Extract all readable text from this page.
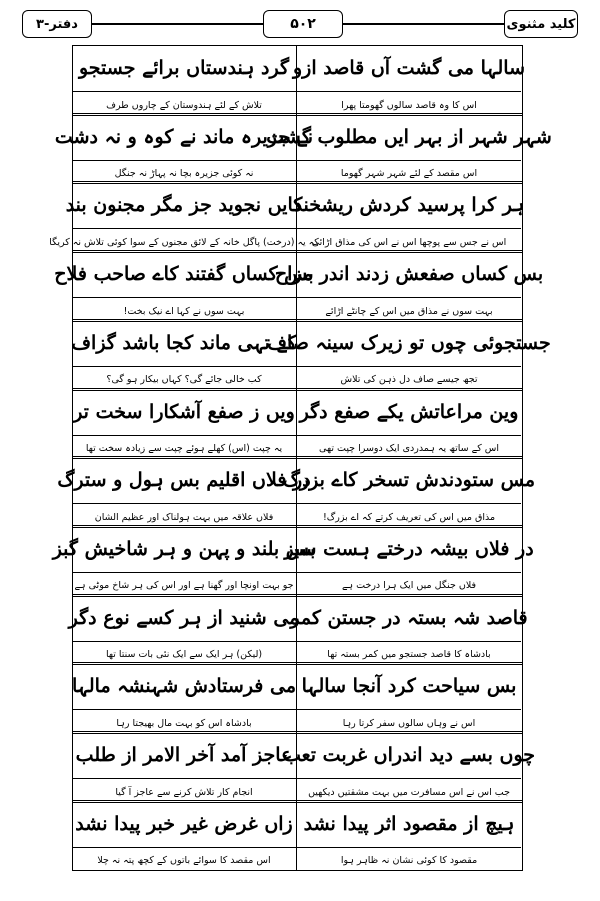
کلید مثنوی
۵۰۲
دفتر-۳
سالہا می گشت آں قاصد ازو
گرد ہندستاں برائے جستجو
اس کا وہ قاصد سالوں گھومتا پھرا
تلاش کے لئے ہندوستان کے چاروں طرف
شہر شہر از بہر ایں مطلوب گشت
نے جزیرہ ماند نے کوہ و نہ دشت
اس مقصد کے لئے شہر شہر گھوما
نہ کوئی جزیرہ بچا نہ پہاڑ نہ جنگل
ہر کرا پرسید کردش ریشخند
کایں نجوید جز مگر مجنون بند
اس نے جس سے پوچھا اس نے اس کی مذاق اڑائی
کہ یہ (درخت) پاگل خانہ کے لائق مجنوں کے سوا کوئی تلاش نہ کریگا
بس کساں صفعش زدند اندر مزاح
بس کساں گفتند کاے صاحب فلاح
بہت سوں نے مذاق میں اس کے چانٹے اڑائے
بہت سوں نے کہا اے نیک بخت!
جستجوئی چوں تو زیرک سینہ صاف
کے تہی ماند کجا باشد گزاف
تجھ جیسے صاف دل ذہن کی تلاش
کب خالی جائے گی؟ کہاں بیکار ہو گی؟
وین مراعاتش یکے صفع دگر
ویں ز صفع آشکارا سخت تر
اس کے ساتھ یہ ہمدردی ایک دوسرا چپت تھی
یہ چپت (اس) کھلے ہوئے چپت سے زیادہ سخت تھا
مس ستودندش تسخر کاے بزرگ
در فلاں اقلیم بس ہول و سترگ
مذاق میں اس کی تعریف کرتے کہ اے بزرگ!
فلاں علاقہ میں بہت ہولناک اور عظیم الشان
در فلاں بیشہ درختے ہست سبز
بس بلند و پہن و ہر شاخیش گبز
فلاں جنگل میں ایک ہرا درخت ہے
جو بہت اونچا اور گھنا ہے اور اس کی ہر شاخ موٹی ہے
قاصد شہ بستہ در جستن کمر
می شنید از ہر کسے نوع دگر
بادشاہ کا قاصد جستجو میں کمر بستہ تھا
(لیکن) ہر ایک سے ایک نئی بات سنتا تھا
بس سیاحت کرد آنجا سالہا
می فرستادش شہنشہ مالہا
اس نے وہاں سالوں سفر کرتا رہا
بادشاہ اس کو بہت مال بھیجتا رہا
چوں بسے دید اندراں غربت تعب
عاجز آمد آخر الامر از طلب
جب اس نے اس مسافرت میں بہت مشقتیں دیکھیں
انجام کار تلاش کرنے سے عاجز آ گیا
ہیچ از مقصود اثر پیدا نشد
زاں غرض غیر خبر پیدا نشد
مقصود کا کوئی نشان نہ ظاہر ہوا
اس مقصد کا سوائے باتوں کے کچھ پتہ نہ چلا
